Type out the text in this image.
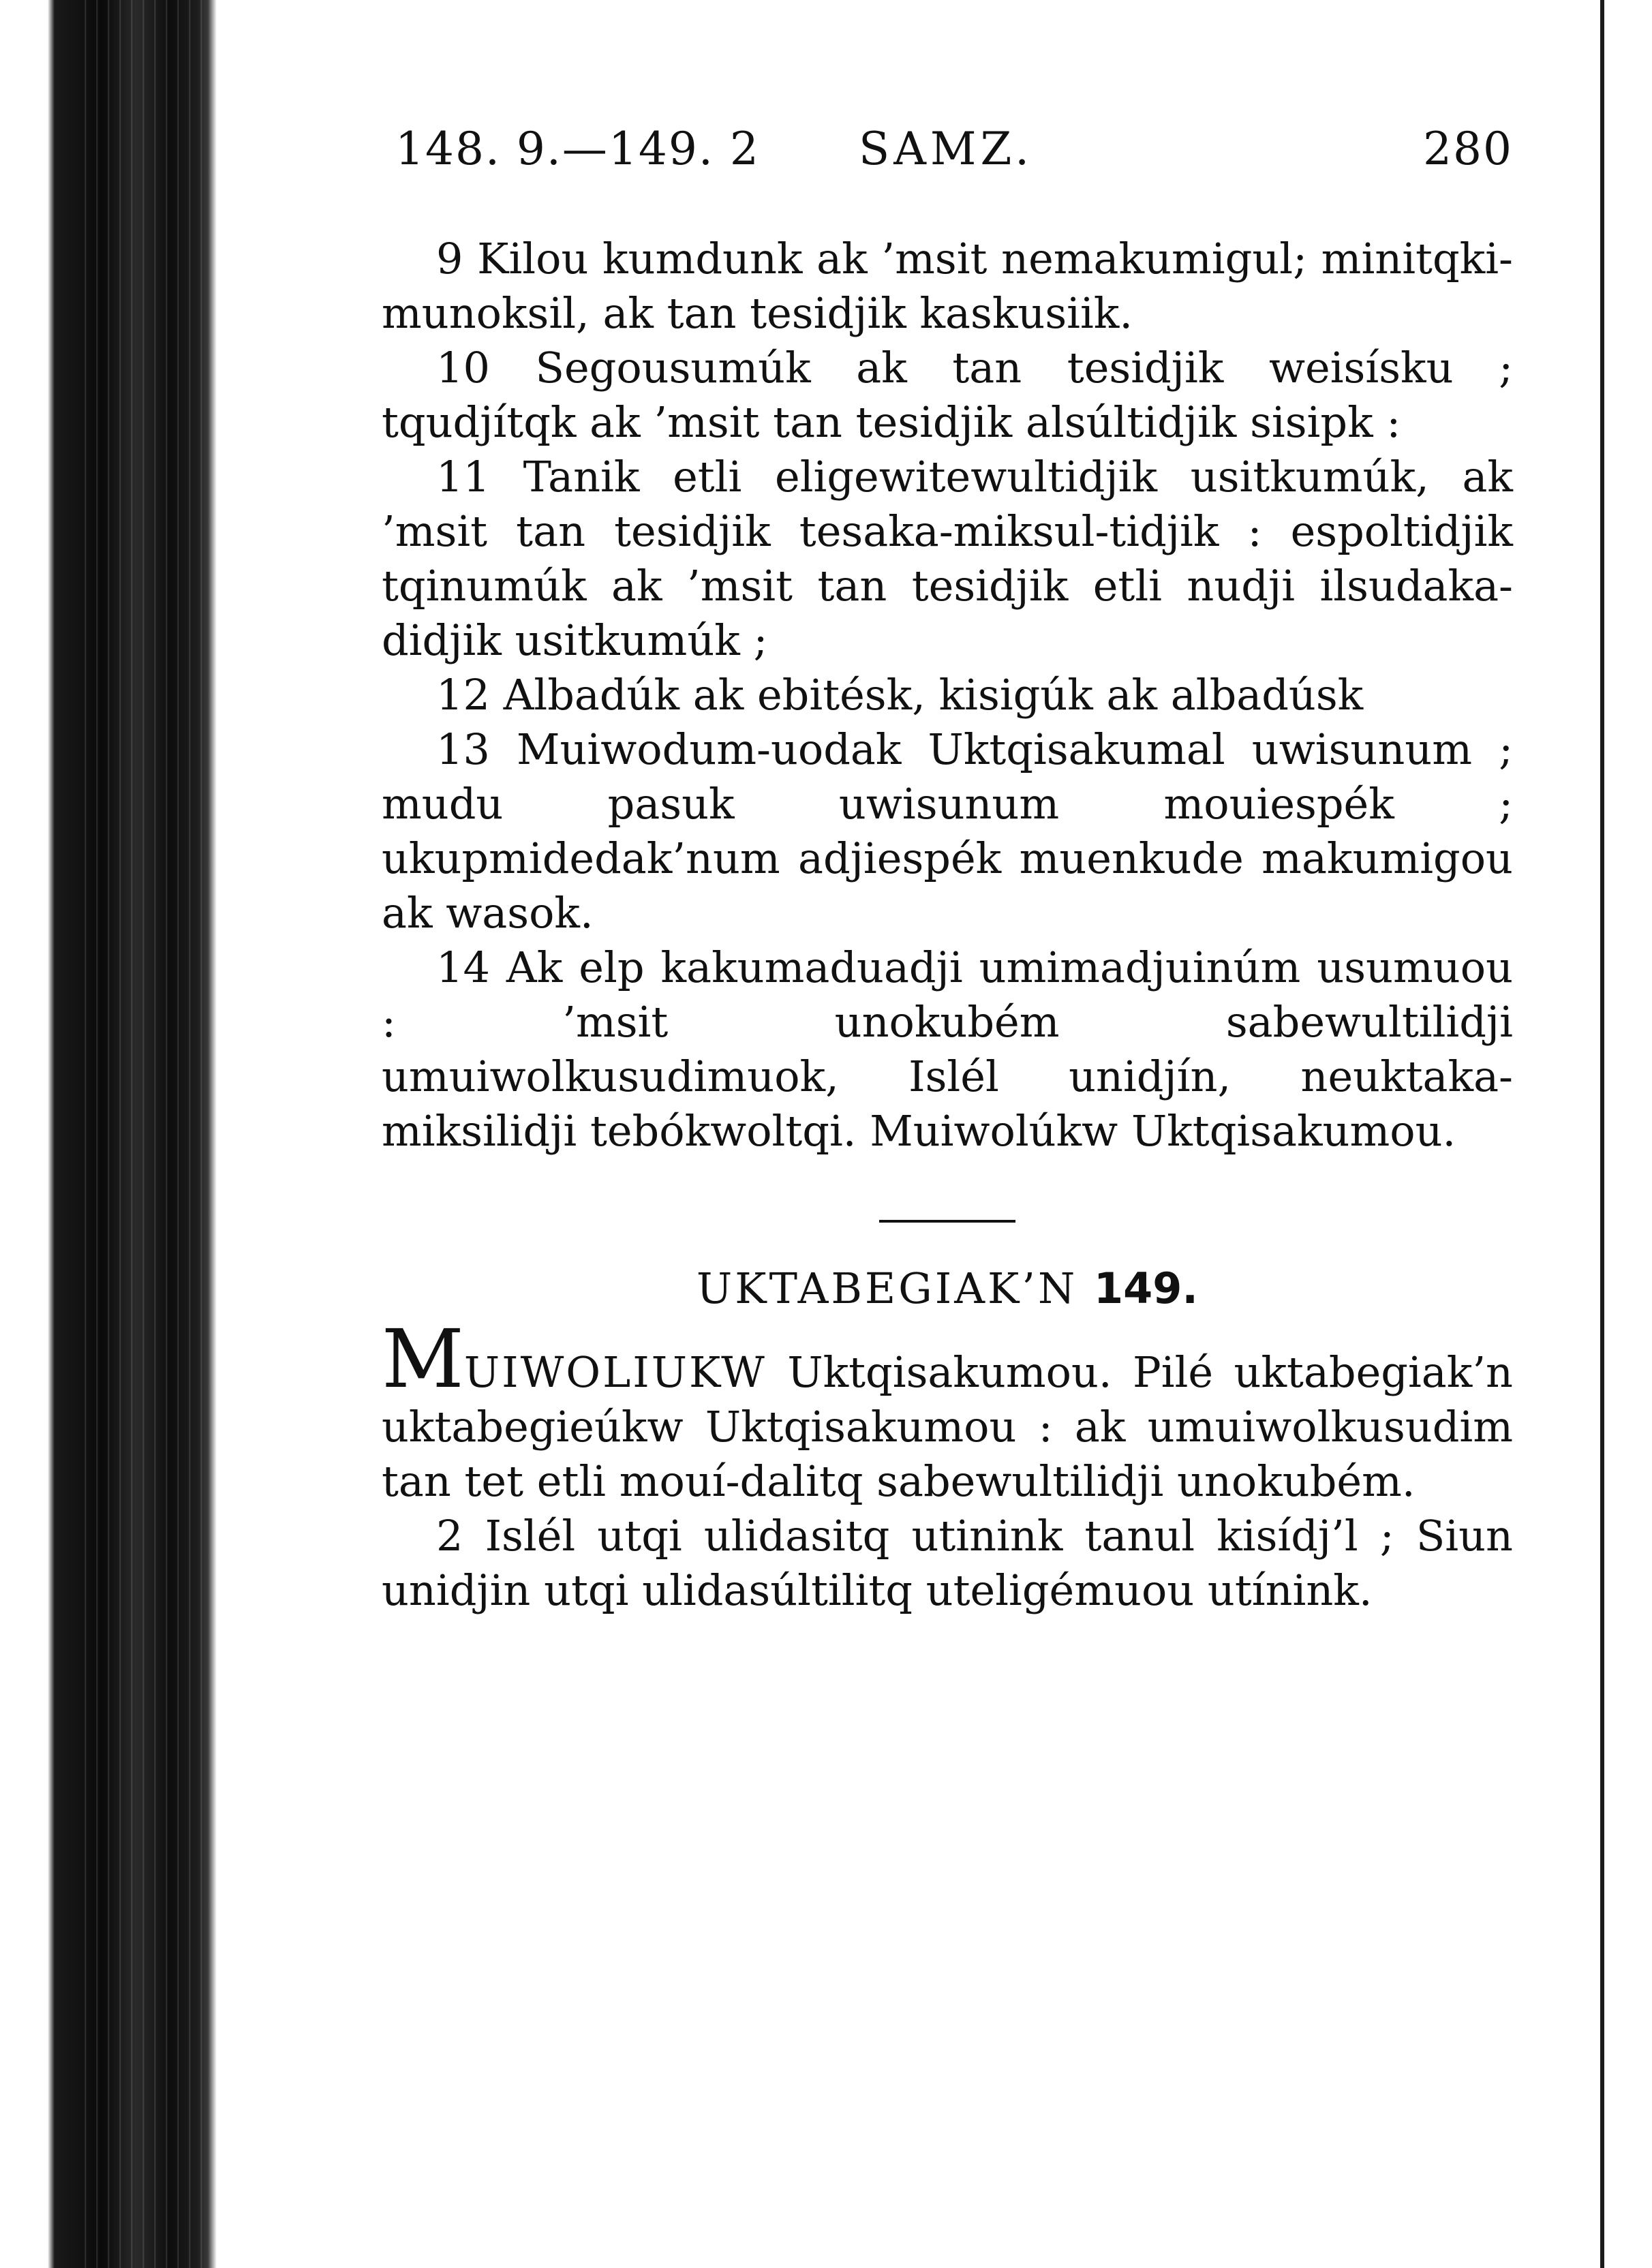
148. 9.—149. 2 SAMZ.	280

9 Kilou kumdunk ak ’msit nemakumigul; minitqki-munoksil, ak tan tesidjik kaskusiik.

10 Segousumúk ak tan tesidjik weisísku ; tqudjítqk ak ’msit tan tesidjik alsúltidjik sisipk :

11 Tanik etli eligewitewultidjik usitkumúk, ak ’msit tan tesidjik tesaka-miksul-tidjik : espoltidjik tqinumúk ak ’msit tan tesidjik etli nudji ilsudaka-didjik usitkumúk ;

12 Albadúk ak ebitésk, kisigúk ak albadúsk

13 Muiwodum-uodak Uktqisakumal uwisunum ; mudu pasuk uwisunum mouiespék ; ukupmidedak’num adjiespék muenkude makumigou ak wasok.

14 Ak elp kakumaduadji umimadjuinúm usumuou : ’msit unokubém sabewultilidji umuiwolkusudimuok, Islél unidjín, neuktaka-miksilidji tebókwoltqi. Muiwolúkw Uktqisakumou.

UKTABEGIAK’N 149.

MUIWOLIUKW Uktqisakumou. Pilé uktabegiak’n uktabegieúkw Uktqisakumou : ak umuiwolkusudim tan tet etli mouí-dalitq sabewultilidji unokubém.

2 Islél utqi ulidasitq utinink tanul kisídj’l ; Siun unidjin utqi ulidasúltilitq uteligémuou utínink.
